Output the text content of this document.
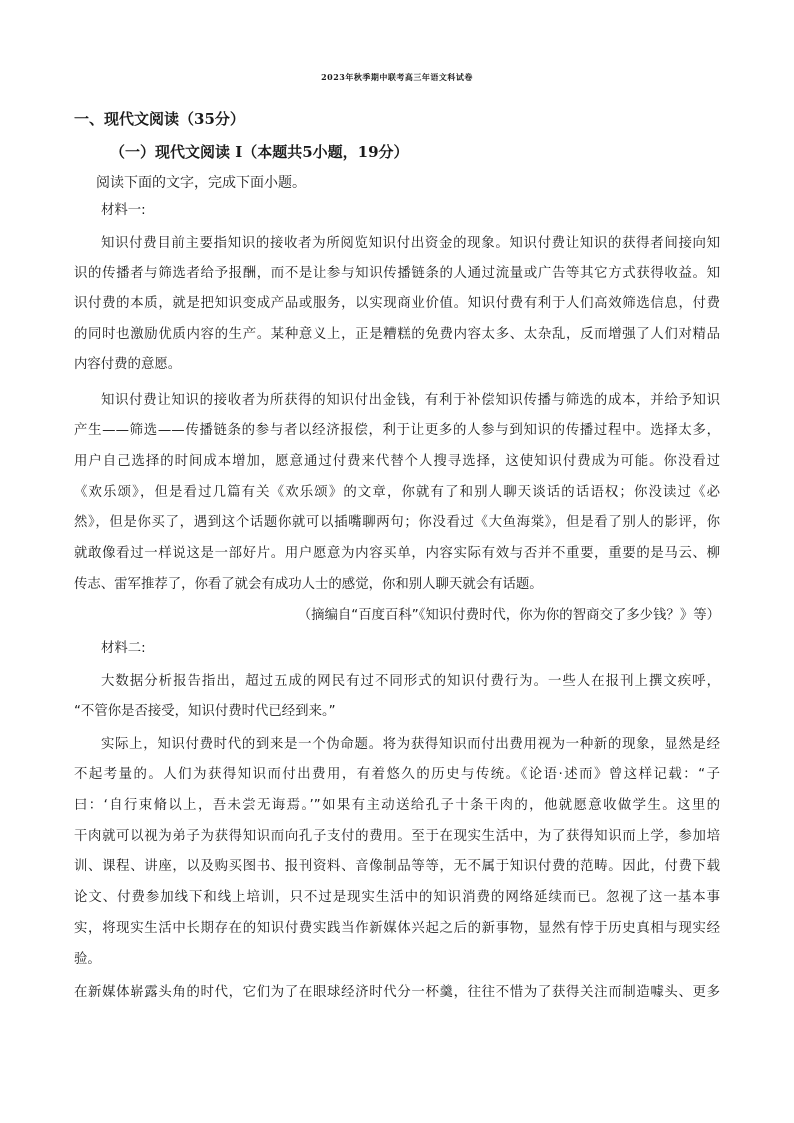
2023年秋季期中联考高三年语文科试卷
一、现代文阅读（35分）
（一）现代文阅读 I（本题共5小题，19分）
阅读下面的文字，完成下面小题。
材料一:
知识付费目前主要指知识的接收者为所阅览知识付出资金的现象。知识付费让知识的获得者间接向知
识的传播者与筛选者给予报酬，而不是让参与知识传播链条的人通过流量或广告等其它方式获得收益。知
识付费的本质，就是把知识变成产品或服务，以实现商业价值。知识付费有利于人们高效筛选信息，付费
的同时也激励优质内容的生产。某种意义上，正是糟糕的免费内容太多、太杂乱，反而增强了人们对精品
内容付费的意愿。
知识付费让知识的接收者为所获得的知识付出金钱，有利于补偿知识传播与筛选的成本，并给予知识
产生——筛选——传播链条的参与者以经济报偿，利于让更多的人参与到知识的传播过程中。选择太多，
用户自己选择的时间成本增加，愿意通过付费来代替个人搜寻选择，这使知识付费成为可能。你没看过
《欢乐颂》，但是看过几篇有关《欢乐颂》的文章，你就有了和别人聊天谈话的话语权；你没读过《必
然》，但是你买了，遇到这个话题你就可以插嘴聊两句；你没看过《大鱼海棠》，但是看了别人的影评，你
就敢像看过一样说这是一部好片。用户愿意为内容买单，内容实际有效与否并不重要，重要的是马云、柳
传志、雷军推荐了，你看了就会有成功人士的感觉，你和别人聊天就会有话题。
（摘编自“百度百科”《知识付费时代，你为你的智商交了多少钱？》等）
材料二:
大数据分析报告指出，超过五成的网民有过不同形式的知识付费行为。一些人在报刊上撰文疾呼，
“不管你是否接受，知识付费时代已经到来。”
实际上，知识付费时代的到来是一个伪命题。将为获得知识而付出费用视为一种新的现象，显然是经
不起考量的。人们为获得知识而付出费用，有着悠久的历史与传统。《论语·述而》曾这样记载：“子
曰：‘自行束脩以上，吾未尝无诲焉。’”如果有主动送给孔子十条干肉的，他就愿意收做学生。这里的
干肉就可以视为弟子为获得知识而向孔子支付的费用。至于在现实生活中，为了获得知识而上学，参加培
训、课程、讲座，以及购买图书、报刊资料、音像制品等等，无不属于知识付费的范畴。因此，付费下载
论文、付费参加线下和线上培训，只不过是现实生活中的知识消费的网络延续而已。忽视了这一基本事
实，将现实生活中长期存在的知识付费实践当作新媒体兴起之后的新事物，显然有悖于历史真相与现实经
验。
在新媒体崭露头角的时代，它们为了在眼球经济时代分一杯羹，往往不惜为了获得关注而制造噱头、更多
